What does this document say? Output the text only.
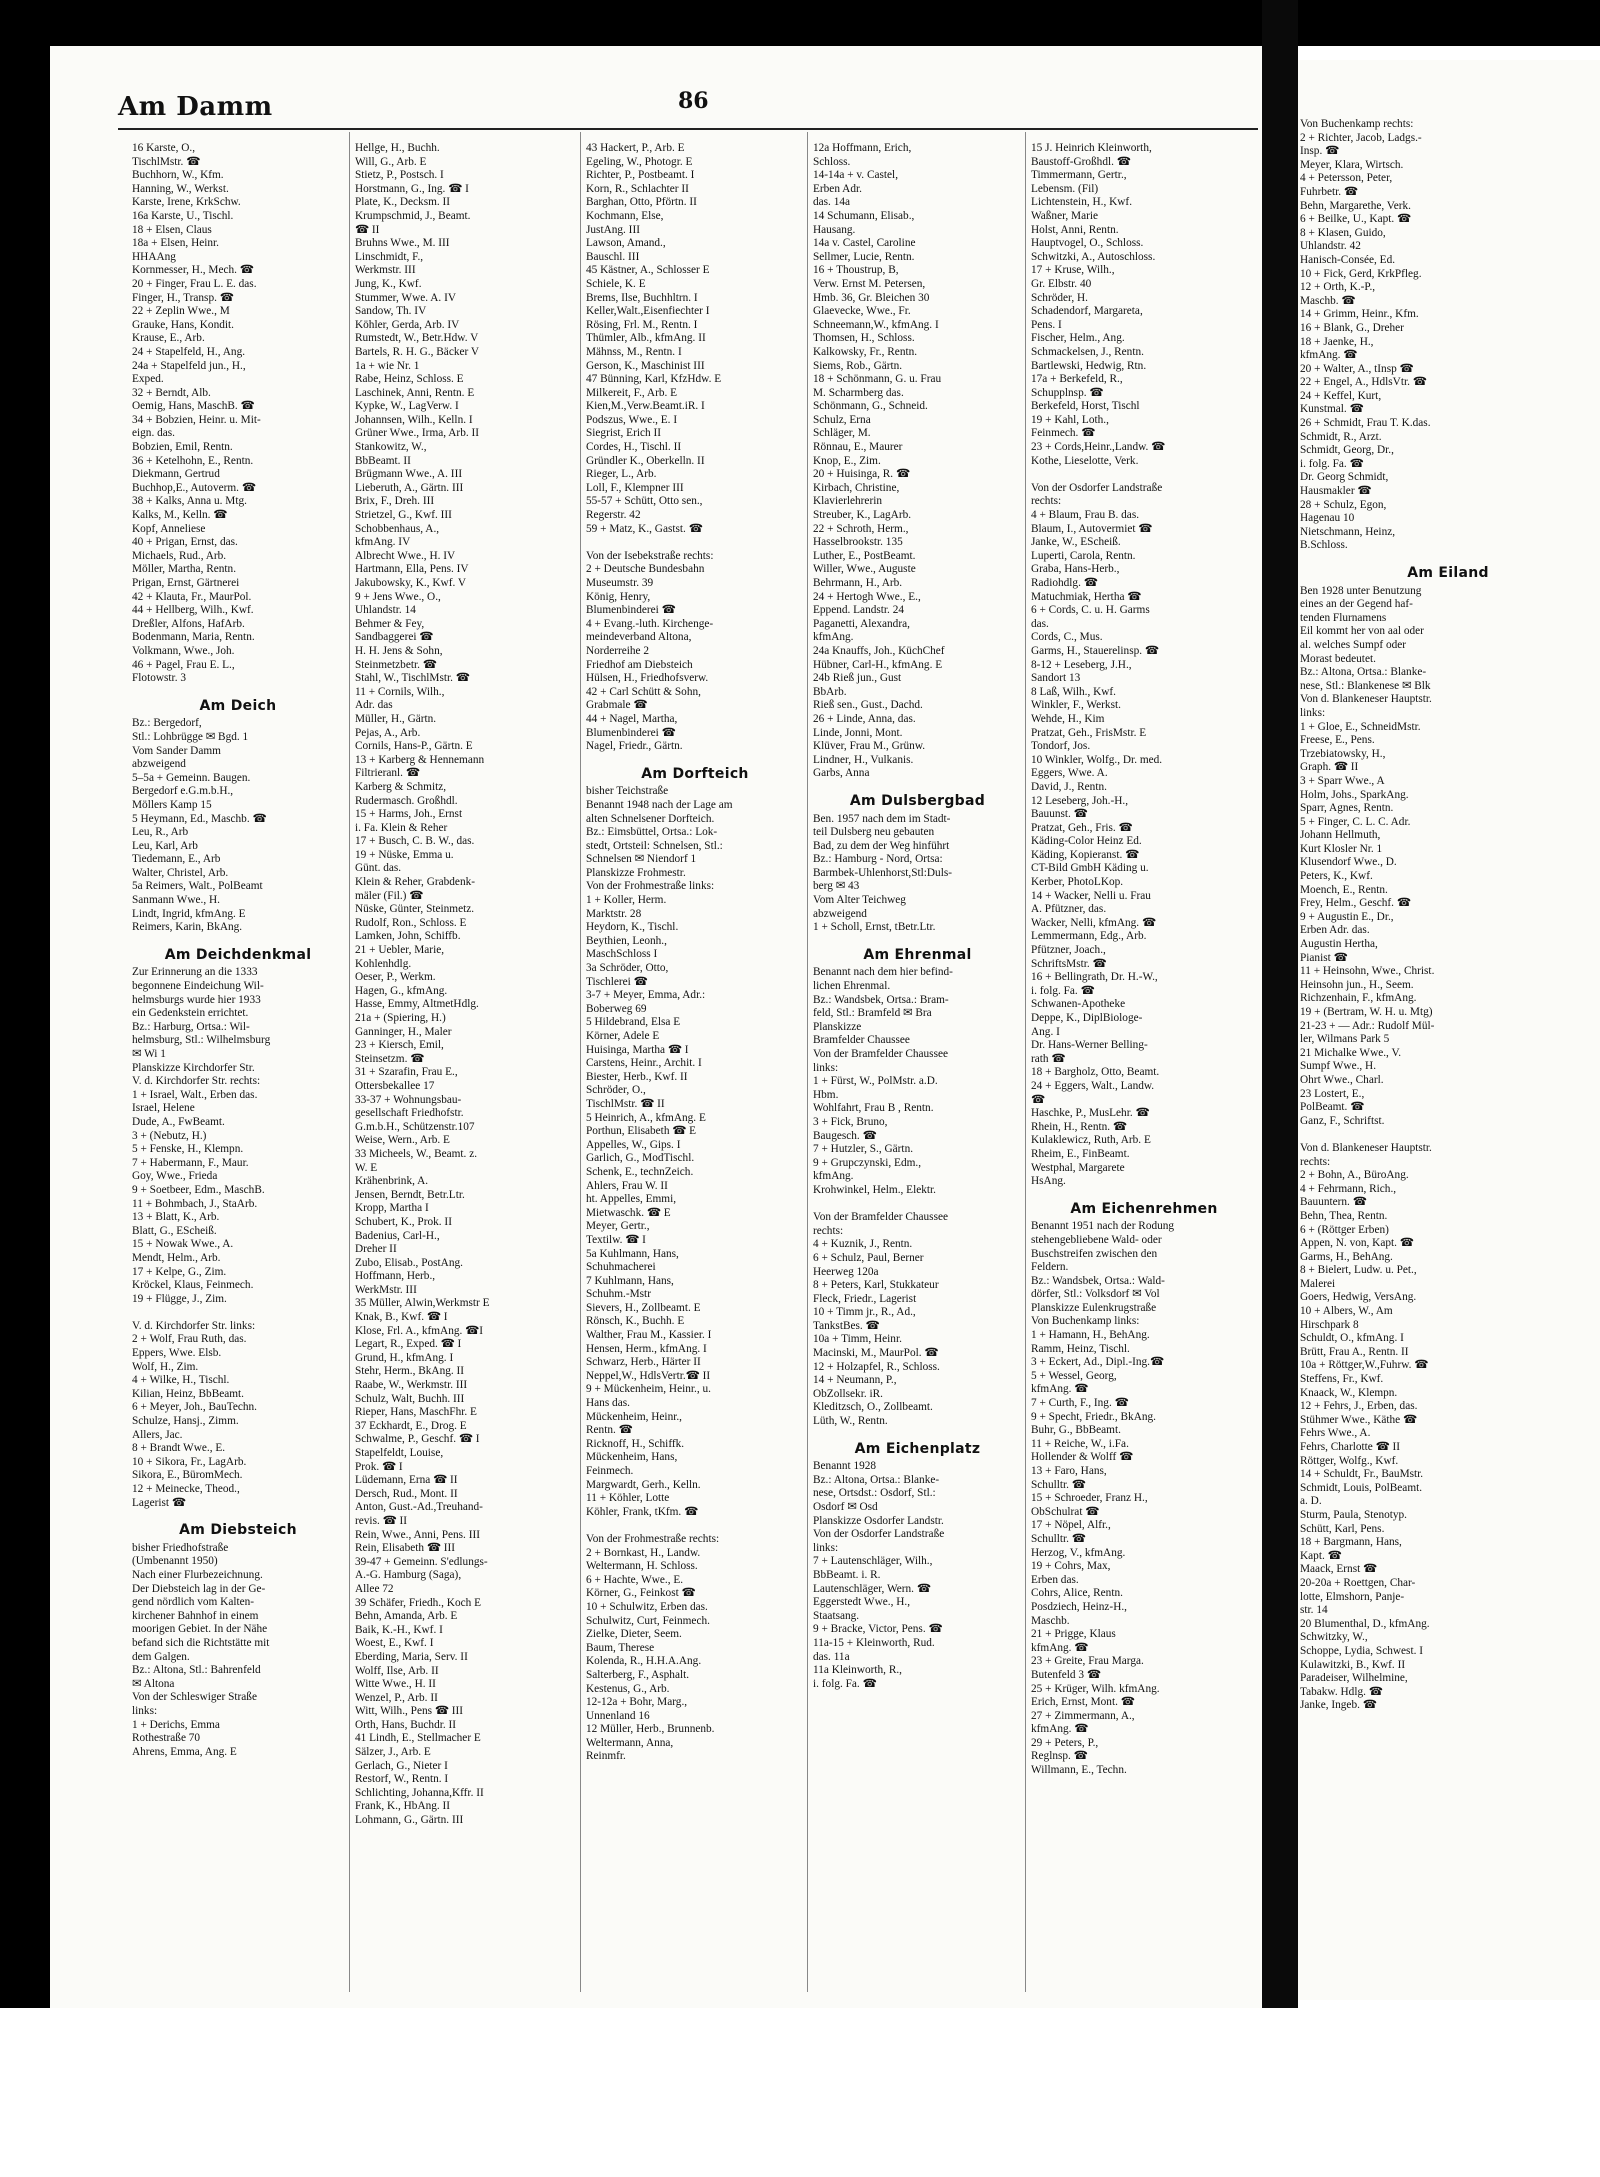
Am Damm	86
16 Karste, O.,
TischlMstr. ☎
Buchhorn, W., Kfm.
Hanning, W., Werkst.
Karste, Irene, KrkSchw.
16a Karste, U., Tischl.
18 + Elsen, Claus
18a + Elsen, Heinr.
HHAAng
Kornmesser, H., Mech. ☎
20 + Finger, Frau L. E. das.
Finger, H., Transp. ☎
22 + Zeplin Wwe., M
Grauke, Hans, Kondit.
Krause, E., Arb.
24 + Stapelfeld, H., Ang.
24a + Stapelfeld jun., H.,
Exped.
32 + Berndt, Alb.
Oemig, Hans, MaschB. ☎
34 + Bobzien, Heinr. u. Mit-
eign. das.
Bobzien, Emil, Rentn.
36 + Ketelhohn, E., Rentn.
Diekmann, Gertrud
Buchhop,E., Autoverm. ☎
38 + Kalks, Anna u. Mtg.
Kalks, M., Kelln. ☎
Kopf, Anneliese
40 + Prigan, Ernst, das.
Michaels, Rud., Arb.
Möller, Martha, Rentn.
Prigan, Ernst, Gärtnerei
42 + Klauta, Fr., MaurPol.
44 + Hellberg, Wilh., Kwf.
Dreßler, Alfons, HafArb.
Bodenmann, Maria, Rentn.
Volkmann, Wwe., Joh.
46 + Pagel, Frau E. L.,
Flotowstr. 3
Am Deich
Bz.: Bergedorf,
Stl.: Lohbrügge ✉ Bgd. 1
Vom Sander Damm
abzweigend
5–5a + Gemeinn. Baugen.
Bergedorf e.G.m.b.H.,
Möllers Kamp 15
5 Heymann, Ed., Maschb. ☎
Leu, R., Arb
Leu, Karl, Arb
Tiedemann, E., Arb
Walter, Christel, Arb.
5a Reimers, Walt., PolBeamt
Sanmann Wwe., H.
Lindt, Ingrid, kfmAng. E
Reimers, Karin, BkAng.
Am Deichdenkmal
Zur Erinnerung an die 1333
begonnene Eindeichung Wil-
helmsburgs wurde hier 1933
ein Gedenkstein errichtet.
Bz.: Harburg, Ortsa.: Wil-
helmsburg, Stl.: Wilhelmsburg
✉ Wi 1
Planskizze Kirchdorfer Str.
V. d. Kirchdorfer Str. rechts:
1 + Israel, Walt., Erben das.
Israel, Helene
Dude, A., FwBeamt.
3 + (Nebutz, H.)
5 + Fenske, H., Klempn.
7 + Habermann, F., Maur.
Goy, Wwe., Frieda
9 + Soetbeer, Edm., MaschB.
11 + Bohmbach, J., StaArb.
13 + Blatt, K., Arb.
Blatt, G., EScheiß.
15 + Nowak Wwe., A.
Mendt, Helm., Arb.
17 + Kelpe, G., Zim.
Kröckel, Klaus, Feinmech.
19 + Flügge, J., Zim.
V. d. Kirchdorfer Str. links:
2 + Wolf, Frau Ruth, das.
Eppers, Wwe. Elsb.
Wolf, H., Zim.
4 + Wilke, H., Tischl.
Kilian, Heinz, BbBeamt.
6 + Meyer, Joh., BauTechn.
Schulze, Hansj., Zimm.
Allers, Jac.
8 + Brandt Wwe., E.
10 + Sikora, Fr., LagArb.
Sikora, E., BüromMech.
12 + Meinecke, Theod.,
Lagerist ☎
Am Diebsteich
bisher Friedhofstraße
(Umbenannt 1950)
Nach einer Flurbezeichnung.
Der Diebsteich lag in der Ge-
gend nördlich vom Kalten-
kirchener Bahnhof in einem
moorigen Gebiet. In der Nähe
befand sich die Richtstätte mit
dem Galgen.
Bz.: Altona, Stl.: Bahrenfeld
✉ Altona
Von der Schleswiger Straße
links:
1 + Derichs, Emma
Rothestraße 70
Ahrens, Emma, Ang. E
Hellge, H., Buchh.
Will, G., Arb. E
Stietz, P., Postsch. I
Horstmann, G., Ing. ☎ I
Plate, K., Decksm. II
Krumpschmid, J., Beamt.
☎ II
Bruhns Wwe., M. III
Linschmidt, F.,
Werkmstr. III
Jung, K., Kwf.
Stummer, Wwe. A. IV
Sandow, Th. IV
Köhler, Gerda, Arb. IV
Rumstedt, W., Betr.Hdw. V
Bartels, R. H. G., Bäcker V
1a + wie Nr. 1
Rabe, Heinz, Schloss. E
Laschinek, Anni, Rentn. E
Kypke, W., LagVerw. I
Johannsen, Wilh., Kelln. I
Grüner Wwe., Irma, Arb. II
Stankowitz, W.,
BbBeamt. II
Brügmann Wwe., A. III
Lieberuth, A., Gärtn. III
Brix, F., Dreh. III
Strietzel, G., Kwf. III
Schobbenhaus, A.,
kfmAng. IV
Albrecht Wwe., H. IV
Hartmann, Ella, Pens. IV
Jakubowsky, K., Kwf. V
9 + Jens Wwe., O.,
Uhlandstr. 14
Behmer & Fey,
Sandbaggerei ☎
H. H. Jens & Sohn,
Steinmetzbetr. ☎
Stahl, W., TischlMstr. ☎
11 + Cornils, Wilh.,
Adr. das
Müller, H., Gärtn.
Pejas, A., Arb.
Cornils, Hans-P., Gärtn. E
13 + Karberg & Hennemann
Filtrieranl. ☎
Karberg & Schmitz,
Rudermasch. Großhdl.
15 + Harms, Joh., Ernst
i. Fa. Klein & Reher
17 + Busch, C. B. W., das.
19 + Nüske, Emma u.
Günt. das.
Klein & Reher, Grabdenk-
mäler (Fil.) ☎
Nüske, Günter, Steinmetz.
Rudolf, Ron., Schloss. E
Lamken, John, Schiffb.
21 + Uebler, Marie,
Kohlenhdlg.
Oeser, P., Werkm.
Hagen, G., kfmAng.
Hasse, Emmy, AltmetHdlg.
21a + (Spiering, H.)
Ganninger, H., Maler
23 + Kiersch, Emil,
Steinsetzm. ☎
31 + Szarafin, Frau E.,
Ottersbekallee 17
33-37 + Wohnungsbau-
gesellschaft Friedhofstr.
G.m.b.H., Schützenstr.107
Weise, Wern., Arb. E
33 Micheels, W., Beamt. z.
W. E
Krähenbrink, A.
Jensen, Berndt, Betr.Ltr.
Kropp, Martha I
Schubert, K., Prok. II
Badenius, Carl-H.,
Dreher II
Zubo, Elisab., PostAng.
Hoffmann, Herb.,
WerkMstr. III
35 Müller, Alwin,Werkmstr E
Knak, B., Kwf. ☎ I
Klose, Frl. A., kfmAng. ☎I
Legart, R., Exped. ☎ I
Grund, H., kfmAng. I
Stehr, Herm., BkAng. II
Raabe, W., Werkmstr. III
Schulz, Walt, Buchh. III
Rieper, Hans, MaschFhr. E
37 Eckhardt, E., Drog. E
Schwalme, P., Geschf. ☎ I
Stapelfeldt, Louise,
Prok. ☎ I
Lüdemann, Erna ☎ II
Dersch, Rud., Mont. II
Anton, Gust.-Ad.,Treuhand-
revis. ☎ II
Rein, Wwe., Anni, Pens. III
Rein, Elisabeth ☎ III
39-47 + Gemeinn. S'edlungs-
A.-G. Hamburg (Saga),
Allee 72
39 Schäfer, Friedh., Koch E
Behn, Amanda, Arb. E
Baik, K.-H., Kwf. I
Woest, E., Kwf. I
Eberding, Maria, Serv. II
Wolff, Ilse, Arb. II
Witte Wwe., H. II
Wenzel, P., Arb. II
Witt, Wilh., Pens ☎ III
Orth, Hans, Buchdr. II
41 Lindh, E., Stellmacher E
Sälzer, J., Arb. E
Gerlach, G., Nieter I
Restorf, W., Rentn. I
Schlichting, Johanna,Kffr. II
Frank, K., HbAng. II
Lohmann, G., Gärtn. III
43 Hackert, P., Arb. E
Egeling, W., Photogr. E
Richter, P., Postbeamt. I
Korn, R., Schlachter II
Barghan, Otto, Pförtn. II
Kochmann, Else,
JustAng. III
Lawson, Amand.,
Bauschl. III
45 Kästner, A., Schlosser E
Schiele, K. E
Brems, Ilse, Buchhltrn. I
Keller,Walt.,Eisenfiechter I
Rösing, Frl. M., Rentn. I
Thümler, Alb., kfmAng. II
Mähnss, M., Rentn. I
Gerson, K., Maschinist III
47 Bünning, Karl, KfzHdw. E
Milkereit, F., Arb. E
Kien,M.,Verw.Beamt.iR. I
Podszus, Wwe., E. I
Siegrist, Erich II
Cordes, H., Tischl. II
Gründler K., Oberkelln. II
Rieger, L., Arb.
Loll, F., Klempner III
55-57 + Schütt, Otto sen.,
Regerstr. 42
59 + Matz, K., Gastst. ☎
Von der Isebekstraße rechts:
2 + Deutsche Bundesbahn
Museumstr. 39
König, Henry,
Blumenbinderei ☎
4 + Evang.-luth. Kirchenge-
meindeverband Altona,
Norderreihe 2
Friedhof am Diebsteich
Hülsen, H., Friedhofsverw.
42 + Carl Schütt & Sohn,
Grabmale ☎
44 + Nagel, Martha,
Blumenbinderei ☎
Nagel, Friedr., Gärtn.
Am Dorfteich
bisher Teichstraße
Benannt 1948 nach der Lage am
alten Schnelsener Dorfteich.
Bz.: Eimsbüttel, Ortsa.: Lok-
stedt, Ortsteil: Schnelsen, Stl.:
Schnelsen ✉ Niendorf 1
Planskizze Frohmestr.
Von der Frohmestraße links:
1 + Koller, Herm.
Marktstr. 28
Heydorn, K., Tischl.
Beythien, Leonh.,
MaschSchloss I
3a Schröder, Otto,
Tischlerei ☎
3-7 + Meyer, Emma, Adr.:
Boberweg 69
5 Hildebrand, Elsa E
Körner, Adele E
Huisinga, Martha ☎ I
Carstens, Heinr., Archit. I
Biester, Herb., Kwf. II
Schröder, O.,
TischlMstr. ☎ II
5 Heinrich, A., kfmAng. E
Porthun, Elisabeth ☎ E
Appelles, W., Gips. I
Garlich, G., ModTischl.
Schenk, E., technZeich.
Ahlers, Frau W. II
ht. Appelles, Emmi,
Mietwaschk. ☎ E
Meyer, Gertr.,
Textilw. ☎ I
5a Kuhlmann, Hans,
Schuhmacherei
7 Kuhlmann, Hans,
Schuhm.-Mstr
Sievers, H., Zollbeamt. E
Rönsch, K., Buchh. E
Walther, Frau M., Kassier. I
Hensen, Herm., kfmAng. I
Schwarz, Herb., Härter II
Neppel,W., HdlsVertr.☎ II
9 + Mückenheim, Heinr., u.
Hans das.
Mückenheim, Heinr.,
Rentn. ☎
Ricknoff, H., Schiffk.
Mückenheim, Hans,
Feinmech.
Margwardt, Gerh., Kelln.
11 + Köhler, Lotte
Köhler, Frank, tKfm. ☎
Von der Frohmestraße rechts:
2 + Bornkast, H., Landw.
Weltermann, H. Schloss.
6 + Hachte, Wwe., E.
Körner, G., Feinkost ☎
10 + Schulwitz, Erben das.
Schulwitz, Curt, Feinmech.
Zielke, Dieter, Seem.
Baum, Therese
Kolenda, R., H.H.A.Ang.
Salterberg, F., Asphalt.
Kestenus, G., Arb.
12-12a + Bohr, Marg.,
Unnenland 16
12 Müller, Herb., Brunnenb.
Weltermann, Anna,
Reinmfr.
12a Hoffmann, Erich,
Schloss.
14-14a + v. Castel,
Erben Adr.
das. 14a
14 Schumann, Elisab.,
Hausang.
14a v. Castel, Caroline
Sellmer, Lucie, Rentn.
16 + Thoustrup, B,
Verw. Ernst M. Petersen,
Hmb. 36, Gr. Bleichen 30
Glaevecke, Wwe., Fr.
Schneemann,W., kfmAng. I
Thomsen, H., Schloss.
Kalkowsky, Fr., Rentn.
Siems, Rob., Gärtn.
18 + Schönmann, G. u. Frau
M. Scharmberg das.
Schönmann, G., Schneid.
Schulz, Erna
Schläger, M.
Rönnau, E., Maurer
Knop, E., Zim.
20 + Huisinga, R. ☎
Kirbach, Christine,
Klavierlehrerin
Streuber, K., LagArb.
22 + Schroth, Herm.,
Hasselbrookstr. 135
Luther, E., PostBeamt.
Willer, Wwe., Auguste
Behrmann, H., Arb.
24 + Hertogh Wwe., E.,
Eppend. Landstr. 24
Paganetti, Alexandra,
kfmAng.
24a Knauffs, Joh., KüchChef
Hübner, Carl-H., kfmAng. E
24b Rieß jun., Gust
BbArb.
Rieß sen., Gust., Dachd.
26 + Linde, Anna, das.
Linde, Jonni, Mont.
Klüver, Frau M., Grünw.
Lindner, H., Vulkanis.
Garbs, Anna
Am Dulsbergbad
Ben. 1957 nach dem im Stadt-
teil Dulsberg neu gebauten
Bad, zu dem der Weg hinführt
Bz.: Hamburg - Nord, Ortsa:
Barmbek-Uhlenhorst,Stl:Duls-
berg ✉ 43
Vom Alter Teichweg
abzweigend
1 + Scholl, Ernst, tBetr.Ltr.
Am Ehrenmal
Benannt nach dem hier befind-
lichen Ehrenmal.
Bz.: Wandsbek, Ortsa.: Bram-
feld, Stl.: Bramfeld ✉ Bra
Planskizze
Bramfelder Chaussee
Von der Bramfelder Chaussee
links:
1 + Fürst, W., PolMstr. a.D.
Hbm.
Wohlfahrt, Frau B , Rentn.
3 + Fick, Bruno,
Baugesch. ☎
7 + Hutzler, S., Gärtn.
9 + Grupczynski, Edm.,
kfmAng.
Krohwinkel, Helm., Elektr.
Von der Bramfelder Chaussee
rechts:
4 + Kuznik, J., Rentn.
6 + Schulz, Paul, Berner
Heerweg 120a
8 + Peters, Karl, Stukkateur
Fleck, Friedr., Lagerist
10 + Timm jr., R., Ad.,
TankstBes. ☎
10a + Timm, Heinr.
Macinski, M., MaurPol. ☎
12 + Holzapfel, R., Schloss.
14 + Neumann, P.,
ObZollsekr. iR.
Kleditzsch, O., Zollbeamt.
Lüth, W., Rentn.
Am Eichenplatz
Benannt 1928
Bz.: Altona, Ortsa.: Blanke-
nese, Ortsdst.: Osdorf, Stl.:
Osdorf ✉ Osd
Planskizze Osdorfer Landstr.
Von der Osdorfer Landstraße
links:
7 + Lautenschläger, Wilh.,
BbBeamt. i. R.
Lautenschläger, Wern. ☎
Eggerstedt Wwe., H.,
Staatsang.
9 + Bracke, Victor, Pens. ☎
11a-15 + Kleinworth, Rud.
das. 11a
11a Kleinworth, R.,
i. folg. Fa. ☎
15 J. Heinrich Kleinworth,
Baustoff-Großhdl. ☎
Timmermann, Gertr.,
Lebensm. (Fil)
Lichtenstein, H., Kwf.
Waßner, Marie
Holst, Anni, Rentn.
Hauptvogel, O., Schloss.
Schwitzki, A., Autoschloss.
17 + Kruse, Wilh.,
Gr. Elbstr. 40
Schröder, H.
Schadendorf, Margareta,
Pens. I
Fischer, Helm., Ang.
Schmackelsen, J., Rentn.
Bartlewski, Hedwig, Rtn.
17a + Berkefeld, R.,
Schupplnsp. ☎
Berkefeld, Horst, Tischl
19 + Kahl, Loth.,
Feinmech. ☎
23 + Cords,Heinr.,Landw. ☎
Kothe, Lieselotte, Verk.
Von der Osdorfer Landstraße
rechts:
4 + Blaum, Frau B. das.
Blaum, I., Autovermiet ☎
Janke, W., EScheiß.
Luperti, Carola, Rentn.
Graba, Hans-Herb.,
Radiohdlg. ☎
Matuchmiak, Hertha ☎
6 + Cords, C. u. H. Garms
das.
Cords, C., Mus.
Garms, H., Stauerelinsp. ☎
8-12 + Leseberg, J.H.,
Sandort 13
8 Laß, Wilh., Kwf.
Winkler, F., Werkst.
Wehde, H., Kim
Pratzat, Geh., FrisMstr. E
Tondorf, Jos.
10 Winkler, Wolfg., Dr. med.
Eggers, Wwe. A.
David, J., Rentn.
12 Leseberg, Joh.-H.,
Bauunst. ☎
Pratzat, Geh., Fris. ☎
Käding-Color Heinz Ed.
Käding, Kopieranst. ☎
CT-Bild GmbH Käding u.
Kerber, PhotoLKop.
14 + Wacker, Nelli u. Frau
A. Pfützner, das.
Wacker, Nelli, kfmAng. ☎
Lemmermann, Edg., Arb.
Pfützner, Joach.,
SchriftsMstr. ☎
16 + Bellingrath, Dr. H.-W.,
i. folg. Fa. ☎
Schwanen-Apotheke
Deppe, K., DiplBiologe-
Ang. I
Dr. Hans-Werner Belling-
rath ☎
18 + Bargholz, Otto, Beamt.
24 + Eggers, Walt., Landw.
☎
Haschke, P., MusLehr. ☎
Rhein, H., Rentn. ☎
Kulaklewicz, Ruth, Arb. E
Rheim, E., FinBeamt.
Westphal, Margarete
HsAng.
Am Eichenrehmen
Benannt 1951 nach der Rodung
stehengebliebene Wald- oder
Buschstreifen zwischen den
Feldern.
Bz.: Wandsbek, Ortsa.: Wald-
dörfer, Stl.: Volksdorf ✉ Vol
Planskizze Eulenkrugstraße
Von Buchenkamp links:
1 + Hamann, H., BehAng.
Ramm, Heinz, Tischl.
3 + Eckert, Ad., Dipl.-Ing.☎
5 + Wessel, Georg,
kfmAng. ☎
7 + Curth, F., Ing. ☎
9 + Specht, Friedr., BkAng.
Buhr, G., BbBeamt.
11 + Reiche, W., i.Fa.
Hollender & Wolff ☎
13 + Faro, Hans,
Schulltr. ☎
15 + Schroeder, Franz H.,
ObSchulrat ☎
17 + Nöpel, Alfr.,
Schulltr. ☎
Herzog, V., kfmAng.
19 + Cohrs, Max,
Erben das.
Cohrs, Alice, Rentn.
Posdziech, Heinz-H.,
Maschb.
21 + Prigge, Klaus
kfmAng. ☎
23 + Greite, Frau Marga.
Butenfeld 3 ☎
25 + Krüger, Wilh. kfmAng.
Erich, Ernst, Mont. ☎
27 + Zimmermann, A.,
kfmAng. ☎
29 + Peters, P.,
Reglnsp. ☎
Willmann, E., Techn.
Von Buchenkamp rechts:
2 + Richter, Jacob, Ladgs.-
Insp. ☎
Meyer, Klara, Wirtsch.
4 + Petersson, Peter,
Fuhrbetr. ☎
Behn, Margarethe, Verk.
6 + Beilke, U., Kapt. ☎
8 + Klasen, Guido,
Uhlandstr. 42
Hanisch-Consée, Ed.
10 + Fick, Gerd, KrkPfleg.
12 + Orth, K.-P.,
Maschb. ☎
14 + Grimm, Heinr., Kfm.
16 + Blank, G., Dreher
18 + Jaenke, H.,
kfmAng. ☎
20 + Walter, A., tInsp ☎
22 + Engel, A., HdlsVtr. ☎
24 + Keffel, Kurt,
Kunstmal. ☎
26 + Schmidt, Frau T. K.das.
Schmidt, R., Arzt.
Schmidt, Georg, Dr.,
i. folg. Fa. ☎
Dr. Georg Schmidt,
Hausmakler ☎
28 + Schulz, Egon,
Hagenau 10
Nietschmann, Heinz,
B.Schloss.
Am Eiland
Ben 1928 unter Benutzung
eines an der Gegend haf-
tenden Flurnamens
Eil kommt her von aal oder
al. welches Sumpf oder
Morast bedeutet.
Bz.: Altona, Ortsa.: Blanke-
nese, Stl.: Blankenese ✉ Blk
Von d. Blankeneser Hauptstr.
links:
1 + Gloe, E., SchneidMstr.
Freese, E., Pens.
Trzebiatowsky, H.,
Graph. ☎ II
3 + Sparr Wwe., A
Holm, Johs., SparkAng.
Sparr, Agnes, Rentn.
5 + Finger, C. L. C. Adr.
Johann Hellmuth,
Kurt Klosler Nr. 1
Klusendorf Wwe., D.
Peters, K., Kwf.
Moench, E., Rentn.
Frey, Helm., Geschf. ☎
9 + Augustin E., Dr.,
Erben Adr. das.
Augustin Hertha,
Pianist ☎
11 + Heinsohn, Wwe., Christ.
Heinsohn jun., H., Seem.
Richzenhain, F., kfmAng.
19 + (Bertram, W. H. u. Mtg)
21-23 + — Adr.: Rudolf Mül-
ler, Wilmans Park 5
21 Michalke Wwe., V.
Sumpf Wwe., H.
Ohrt Wwe., Charl.
23 Lostert, E.,
PolBeamt. ☎
Ganz, F., Schriftst.
Von d. Blankeneser Hauptstr.
rechts:
2 + Bohn, A., BüroAng.
4 + Fehrmann, Rich.,
Bauuntern. ☎
Behn, Thea, Rentn.
6 + (Röttger Erben)
Appen, N. von, Kapt. ☎
Garms, H., BehAng.
8 + Bielert, Ludw. u. Pet.,
Malerei
Goers, Hedwig, VersAng.
10 + Albers, W., Am
Hirschpark 8
Schuldt, O., kfmAng. I
Brütt, Frau A., Rentn. II
10a + Röttger,W.,Fuhrw. ☎
Steffens, Fr., Kwf.
Knaack, W., Klempn.
12 + Fehrs, J., Erben, das.
Stühmer Wwe., Käthe ☎
Fehrs Wwe., A.
Fehrs, Charlotte ☎ II
Röttger, Wolfg., Kwf.
14 + Schuldt, Fr., BauMstr.
Schmidt, Louis, PolBeamt.
a. D.
Sturm, Paula, Stenotyp.
Schütt, Karl, Pens.
18 + Bargmann, Hans,
Kapt. ☎
Maack, Ernst ☎
20-20a + Roettgen, Char-
lotte, Elmshorn, Panje-
str. 14
20 Blumenthal, D., kfmAng.
Schwitzky, W.,
Schoppe, Lydia, Schwest. I
Kulawitzki, B., Kwf. II
Paradeiser, Wilhelmine,
Tabakw. Hdlg. ☎
Janke, Ingeb. ☎
